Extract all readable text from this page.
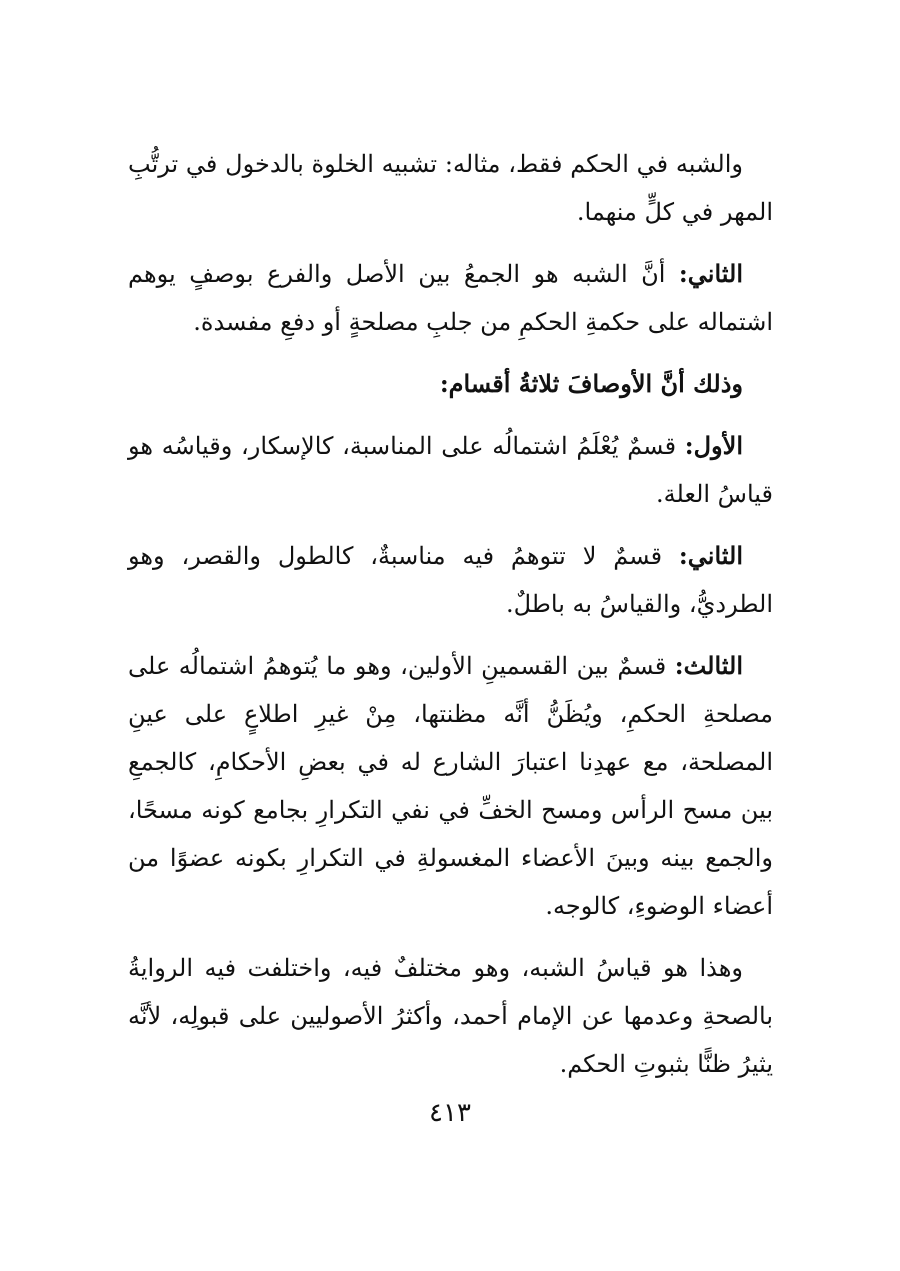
والشبه في الحكم فقط، مثاله: تشبيه الخلوة بالدخول في ترتُّبِ المهر في كلٍّ منهما.

الثاني: أنَّ الشبه هو الجمعُ بين الأصل والفرع بوصفٍ يوهم اشتماله على حكمةِ الحكمِ من جلبِ مصلحةٍ أو دفعِ مفسدة.

وذلك أنَّ الأوصافَ ثلاثةُ أقسام:

الأول: قسمٌ يُعْلَمُ اشتمالُه على المناسبة، كالإسكار، وقياسُه هو قياسُ العلة.

الثاني: قسمٌ لا تتوهمُ فيه مناسبةٌ، كالطول والقصر، وهو الطرديُّ، والقياسُ به باطلٌ.

الثالث: قسمٌ بين القسمينِ الأولين، وهو ما يُتوهمُ اشتمالُه على مصلحةِ الحكمِ، ويُظَنُّ أنَّه مظنتها، مِنْ غيرِ اطلاعٍ على عينِ المصلحة، مع عهدِنا اعتبارَ الشارع له في بعضِ الأحكامِ، كالجمعِ بين مسح الرأس ومسح الخفِّ في نفي التكرارِ بجامع كونه مسحًا، والجمع بينه وبينَ الأعضاء المغسولةِ في التكرارِ بكونه عضوًا من أعضاء الوضوءِ، كالوجه.

وهذا هو قياسُ الشبه، وهو مختلفٌ فيه، واختلفت فيه الروايةُ بالصحةِ وعدمها عن الإمام أحمد، وأكثرُ الأصوليين على قبولِه، لأنَّه يثيرُ ظنًّا بثبوتِ الحكم.

٤١٣
